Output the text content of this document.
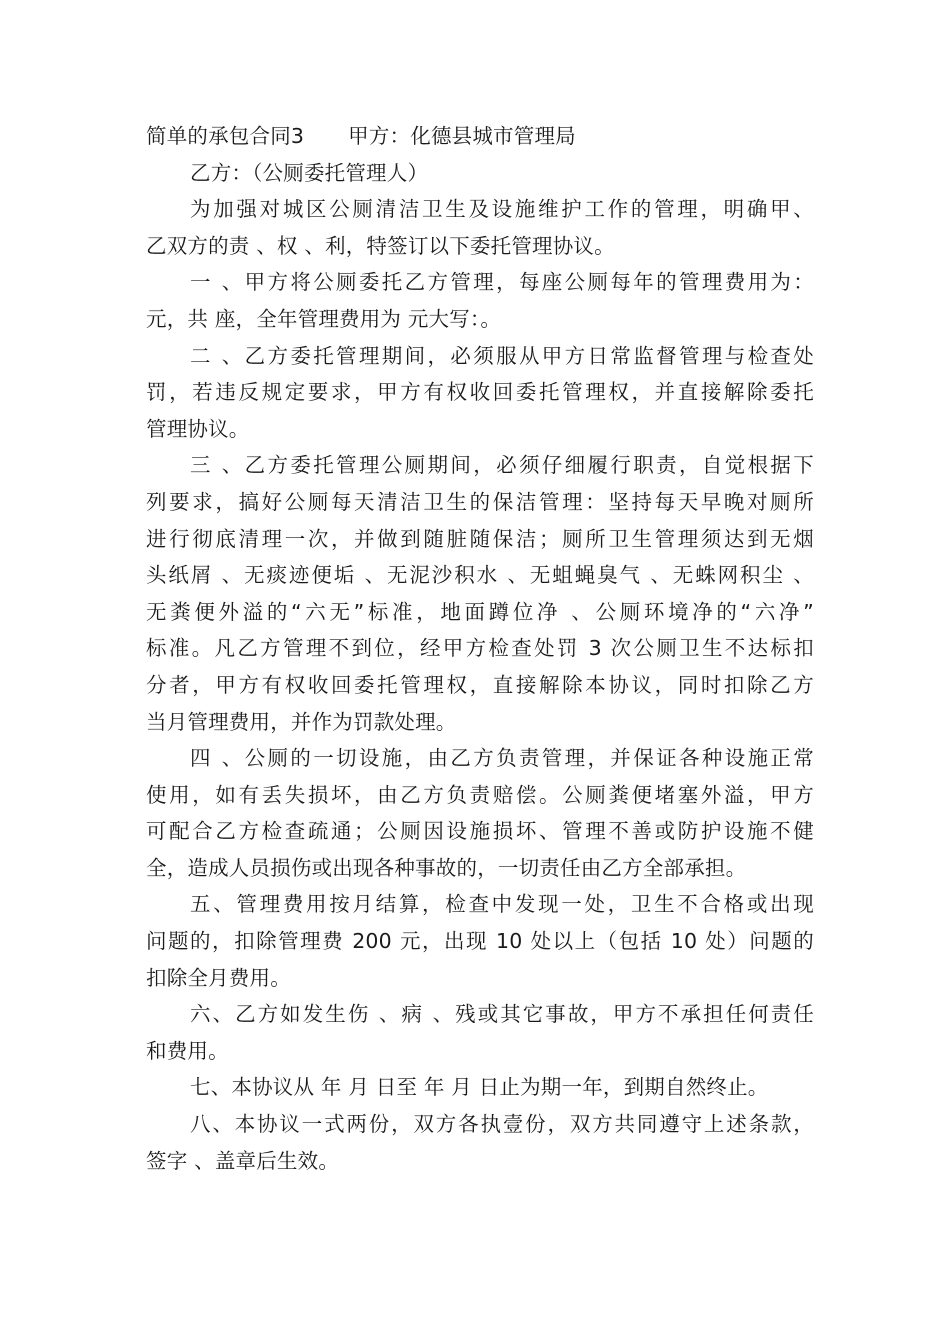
简单的承包合同3 甲方：化德县城市管理局
乙方：（公厕委托管理人）
为加强对城区公厕清洁卫生及设施维护工作的管理，明确甲、
乙双方的责 、权 、利，特签订以下委托管理协议。
一 、甲方将公厕委托乙方管理，每座公厕每年的管理费用为：
元，共 座，全年管理费用为 元大写：。
二 、乙方委托管理期间，必须服从甲方日常监督管理与检查处
罚，若违反规定要求，甲方有权收回委托管理权，并直接解除委托
管理协议。
三 、乙方委托管理公厕期间，必须仔细履行职责，自觉根据下
列要求，搞好公厕每天清洁卫生的保洁管理：坚持每天早晚对厕所
进行彻底清理一次，并做到随脏随保洁；厕所卫生管理须达到无烟
头纸屑 、无痰迹便垢 、无泥沙积水 、无蛆蝇臭气 、无蛛网积尘 、
无粪便外溢的“六无”标准，地面蹲位净 、公厕环境净的“六净”
标准。凡乙方管理不到位，经甲方检查处罚 3 次公厕卫生不达标扣
分者，甲方有权收回委托管理权，直接解除本协议，同时扣除乙方
当月管理费用，并作为罚款处理。
四 、公厕的一切设施，由乙方负责管理，并保证各种设施正常
使用，如有丢失损坏，由乙方负责赔偿。公厕粪便堵塞外溢，甲方
可配合乙方检查疏通；公厕因设施损坏、管理不善或防护设施不健
全，造成人员损伤或出现各种事故的，一切责任由乙方全部承担。
五、管理费用按月结算，检查中发现一处，卫生不合格或出现
问题的，扣除管理费 200 元，出现 10 处以上（包括 10 处）问题的
扣除全月费用。
六、乙方如发生伤 、病 、残或其它事故，甲方不承担任何责任
和费用。
七、本协议从 年 月 日至 年 月 日止为期一年，到期自然终止。
八、本协议一式两份，双方各执壹份，双方共同遵守上述条款，
签字 、盖章后生效。
